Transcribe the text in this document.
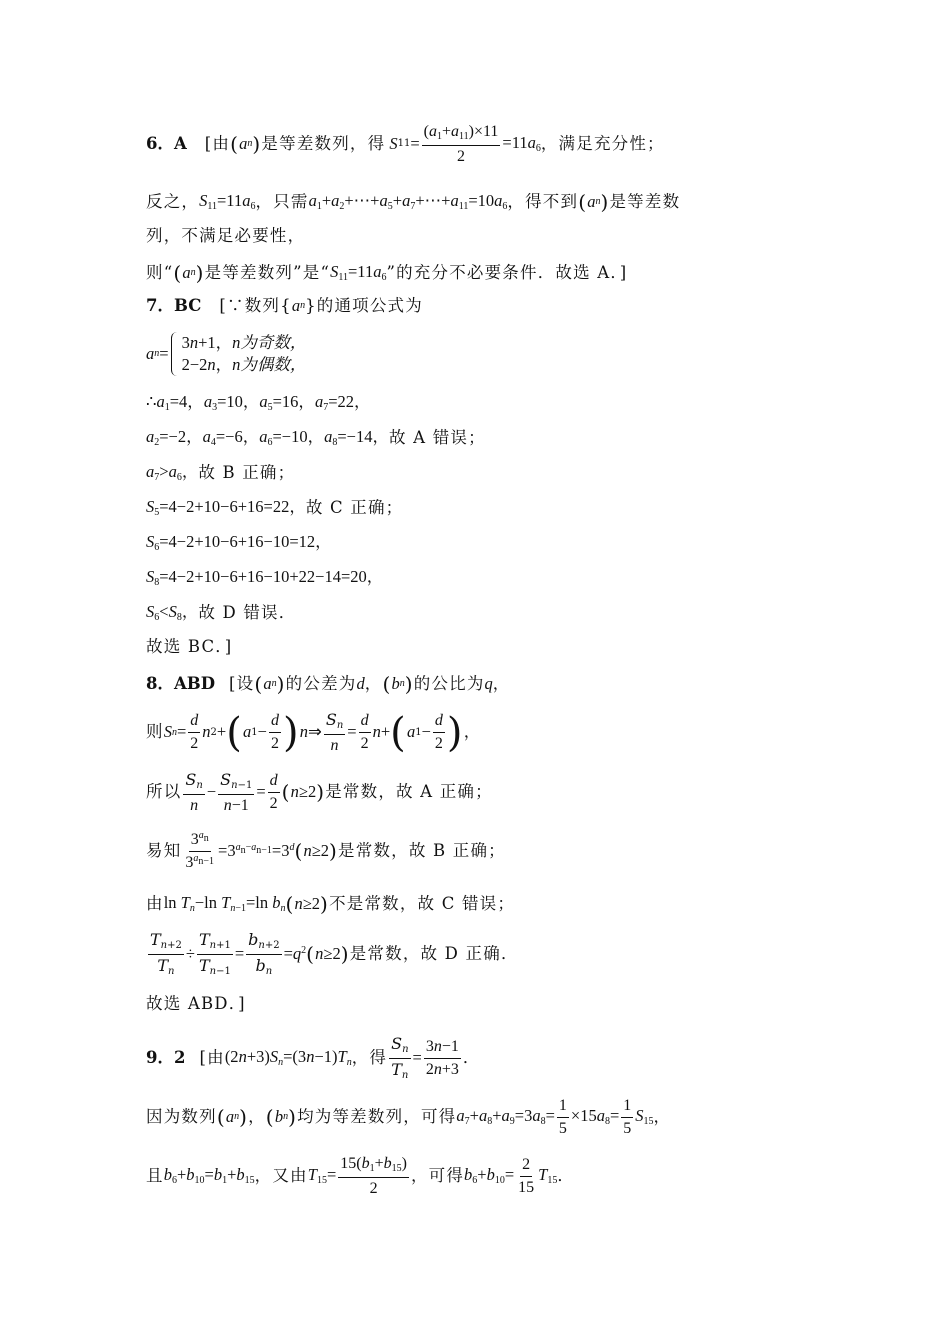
6．A [由 ( a n ) 是等差数列，得 S $11 = \frac{(a_1+a_{11})\times 11}{2} =11a_6$ ，满足充分性；
反之， $S_{11}=11a_6$ ，只需 $a_1+a_2+\cdots+a_5+a_7+\cdots+a_{11}=10a_6$ ，得不到 ( a n ) 是等差数
列，不满足必要性，
则“ ( a n ) 是等差数列”是“ $S_{11}=11a_6$ ”的充分不必要条件．故选 A．]
7．BC [∵数列{ a n }的通项公式为
a n =
3n+1，n为奇数，
2−2n，n为偶数，
$\therefore a_1=4$，$a_3=10$，$a_5=16$，$a_7=22$，
$a_2=-2$，$a_4=-6$，$a_6=-10$，$a_8=-14$， 故 A 错误；
$a_7>a_6$， 故 B 正确；
$S_5=4-2+10-6+16=22$， 故 C 正确；
$S_6=4-2+10-6+16-10=12$，
$S_8=4-2+10-6+16-10+22-14=20$，
$S_6<S_8$， 故 D 错误．
故选 BC．]
8．ABD [设 ( a n ) 的公差为 d ， ( b n ) 的公比为 q ，
则 S $n = \frac{d}{2}$ n 2 + ( a $1 - \frac{d}{2}$ ) n ⇒ $\frac{S_n}{n} = \frac{d}{2}$ n + ( a $1 - \frac{d}{2}$ ) ，
所以 $\frac{S_n}{n} - \frac{S_{n-1}}{n-1} = \frac{d}{2}$ ( n≥2 ) 是常数，故 A 正确；
易知 $\frac{3^{a_n}}{3^{a_{n-1}}} =3^{a_n-a_{n-1}}=3^d$ ( n≥2 ) 是常数，故 B 正确；
由 $\ln T_n-\ln$ $T_{n-1}=\ln$ $b_n$ ( n≥2 ) 不是常数，故 C 错误；
$\frac{T_{n+2}}{T_n} \div \frac{T_{n+1}}{T_{n-1}} = \frac{b_{n+2}}{b_n} =q^2$ ( n≥2 ) 是常数，故 D 正确．
故选 ABD．]
9．2 [由 $(2n+3)S_n=(3n-1)T_n$ ，得 $\frac{S_n}{T_n} = \frac{3n-1}{2n+3}$ ．
因为数列 ( a n ) ， ( b n ) 均为等差数列，可得 $a_7+a_8+a_9=3a_8= \frac{1}{5} \times 15a_8= \frac{1}{5} S_{15}$ ，
且 $b_6+b_{10}=b_1+b_{15}$ ，又由 $T_{15}= \frac{15(b_1+b_{15})}{2}$ ，可得 $b_6+b_{10}= \frac{2}{15} T_{15}$ ．
